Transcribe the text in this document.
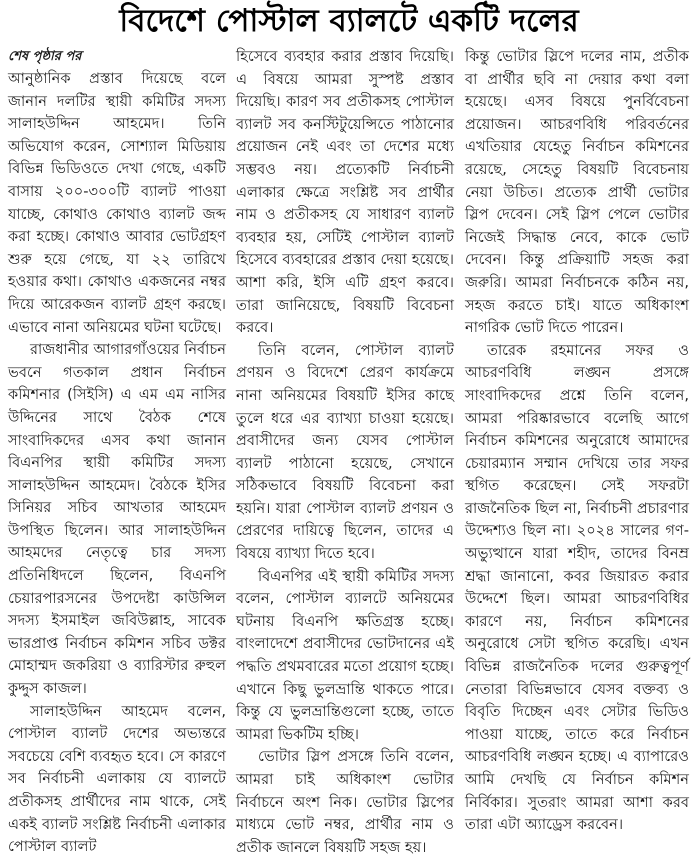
বিদেশে পোস্টাল ব্যালটে একটি দলের
শেষ পৃষ্ঠার পর

আনুষ্ঠানিক প্রস্তাব দিয়েছে বলে জানান দলটির স্থায়ী কমিটির সদস্য সালাহউদ্দিন আহমেদ। তিনি অভিযোগ করেন, সোশ্যাল মিডিয়ায় বিভিন্ন ভিডিওতে দেখা গেছে, একটি বাসায় ২০০-৩০০টি ব্যালট পাওয়া যাচ্ছে, কোথাও কোথাও ব্যালট জব্দ করা হচ্ছে। কোথাও আবার ভোটগ্রহণ শুরু হয়ে গেছে, যা ২২ তারিখে হওয়ার কথা। কোথাও একজনের নম্বর দিয়ে আরেকজন ব্যালট গ্রহণ করছে। এভাবে নানা অনিয়মের ঘটনা ঘটেছে।

রাজধানীর আগারগাঁওয়ের নির্বাচন ভবনে গতকাল প্রধান নির্বাচন কমিশনার (সিইসি) এ এম এম নাসির উদ্দিনের সাথে বৈঠক শেষে সাংবাদিকদের এসব কথা জানান বিএনপির স্থায়ী কমিটির সদস্য সালাহউদ্দিন আহমেদ। বৈঠকে ইসির সিনিয়র সচিব আখতার আহমেদ উপস্থিত ছিলেন। আর সালাহউদ্দিন আহমদের নেতৃত্বে চার সদস্য প্রতিনিধিদলে ছিলেন, বিএনপি চেয়ারপারসনের উপদেষ্টা কাউন্সিল সদস্য ইসমাইল জবিউল্লাহ, সাবেক ভারপ্রাপ্ত নির্বাচন কমিশন সচিব ডক্টর মোহাম্মদ জকরিয়া ও ব্যারিস্টার রুহুল কুদ্দুস কাজল।

সালাহউদ্দিন আহমেদ বলেন, পোস্টাল ব্যালট দেশের অভ্যন্তরে সবচেয়ে বেশি ব্যবহৃত হবে। সে কারণে সব নির্বাচনী এলাকায় যে ব্যালটে প্রতীকসহ প্রার্থীদের নাম থাকে, সেই একই ব্যালট সংশ্লিষ্ট নির্বাচনী এলাকার পোস্টাল ব্যালট

হিসেবে ব্যবহার করার প্রস্তাব দিয়েছি। এ বিষয়ে আমরা সুস্পষ্ট প্রস্তাব দিয়েছি। কারণ সব প্রতীকসহ পোস্টাল ব্যালট সব কনস্টিটুয়েন্সিতে পাঠানোর প্রয়োজন নেই এবং তা দেশের মধ্যে সম্ভবও নয়। প্রত্যেকটি নির্বাচনী এলাকার ক্ষেত্রে সংশ্লিষ্ট সব প্রার্থীর নাম ও প্রতীকসহ যে সাধারণ ব্যালট ব্যবহার হয়, সেটিই পোস্টাল ব্যালট হিসেবে ব্যবহারের প্রস্তাব দেয়া হয়েছে। আশা করি, ইসি এটি গ্রহণ করবে। তারা জানিয়েছে, বিষয়টি বিবেচনা করবে।

তিনি বলেন, পোস্টাল ব্যালট প্রণয়ন ও বিদেশে প্রেরণ কার্যক্রমে নানা অনিয়মের বিষয়টি ইসির কাছে তুলে ধরে এর ব্যাখ্যা চাওয়া হয়েছে। প্রবাসীদের জন্য যেসব পোস্টাল ব্যালট পাঠানো হয়েছে, সেখানে সঠিকভাবে বিষয়টি বিবেচনা করা হয়নি। যারা পোস্টাল ব্যালট প্রণয়ন ও প্রেরণের দায়িত্বে ছিলেন, তাদের এ বিষয়ে ব্যাখ্যা দিতে হবে।

বিএনপির এই স্থায়ী কমিটির সদস্য বলেন, পোস্টাল ব্যালটে অনিয়মের ঘটনায় বিএনপি ক্ষতিগ্রস্ত হচ্ছে। বাংলাদেশে প্রবাসীদের ভোটদানের এই পদ্ধতি প্রথমবারের মতো প্রয়োগ হচ্ছে। এখানে কিছু ভুলভ্রান্তি থাকতে পারে। কিন্তু যে ভুলভ্রান্তিগুলো হচ্ছে, তাতে আমরা ভিকটিম হচ্ছি।

ভোটার স্লিপ প্রসঙ্গে তিনি বলেন, আমরা চাই অধিকাংশ ভোটার নির্বাচনে অংশ নিক। ভোটার স্লিপের মাধ্যমে ভোট নম্বর, প্রার্থীর নাম ও প্রতীক জানলে বিষয়টি সহজ হয়।

কিন্তু ভোটার স্লিপে দলের নাম, প্রতীক বা প্রার্থীর ছবি না দেয়ার কথা বলা হয়েছে। এসব বিষয়ে পুনর্বিবেচনা প্রয়োজন। আচরণবিধি পরিবর্তনের এখতিয়ার যেহেতু নির্বাচন কমিশনের রয়েছে, সেহেতু বিষয়টি বিবেচনায় নেয়া উচিত। প্রত্যেক প্রার্থী ভোটার স্লিপ দেবেন। সেই স্লিপ পেলে ভোটার নিজেই সিদ্ধান্ত নেবে, কাকে ভোট দেবেন। কিন্তু প্রক্রিয়াটি সহজ করা জরুরি। আমরা নির্বাচনকে কঠিন নয়, সহজ করতে চাই। যাতে অধিকাংশ নাগরিক ভোট দিতে পারেন।

তারেক রহমানের সফর ও আচরণবিধি লঙ্ঘন প্রসঙ্গে সাংবাদিকদের প্রশ্নে তিনি বলেন, আমরা পরিষ্কারভাবে বলেছি আগে নির্বাচন কমিশনের অনুরোধে আমাদের চেয়ারম্যান সম্মান দেখিয়ে তার সফর স্থগিত করেছেন। সেই সফরটা রাজনৈতিক ছিল না, নির্বাচনী প্রচারণার উদ্দেশ্যও ছিল না। ২০২৪ সালের গণ-অভ্যুত্থানে যারা শহীদ, তাদের বিনম্র শ্রদ্ধা জানানো, কবর জিয়ারত করার উদ্দেশে ছিল। আমরা আচরণবিধির কারণে নয়, নির্বাচন কমিশনের অনুরোধে সেটা স্থগিত করেছি। এখন বিভিন্ন রাজনৈতিক দলের গুরুত্বপূর্ণ নেতারা বিভিন্নভাবে যেসব বক্তব্য ও বিবৃতি দিচ্ছেন এবং সেটার ভিডিও পাওয়া যাচ্ছে, তাতে করে নির্বাচন আচরণবিধি লঙ্ঘন হচ্ছে। এ ব্যাপারেও আমি দেখছি যে নির্বাচন কমিশন নির্বিকার। সুতরাং আমরা আশা করব তারা এটা অ্যাড্রেস করবেন।
